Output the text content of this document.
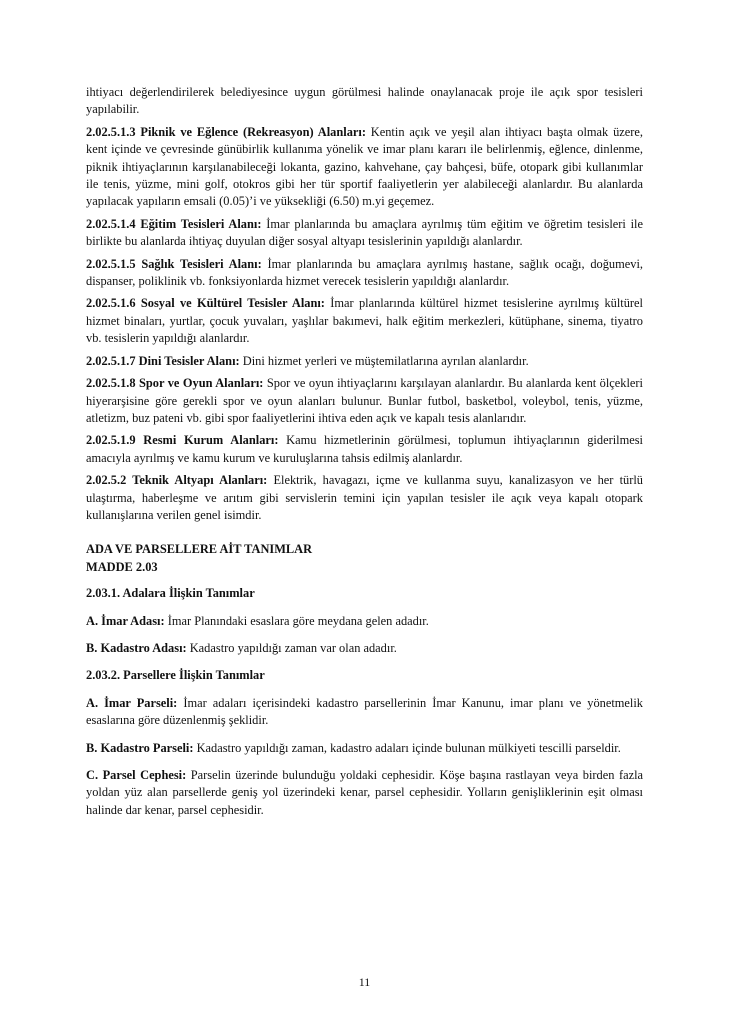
ihtiyacı değerlendirilerek belediyesince uygun görülmesi halinde onaylanacak proje ile açık spor tesisleri yapılabilir.

2.02.5.1.3 Piknik ve Eğlence (Rekreasyon) Alanları: Kentin açık ve yeşil alan ihtiyacı başta olmak üzere, kent içinde ve çevresinde günübirlik kullanıma yönelik ve imar planı kararı ile belirlenmiş, eğlence, dinlenme, piknik ihtiyaçlarının karşılanabileceği lokanta, gazino, kahvehane, çay bahçesi, büfe, otopark gibi kullanımlar ile tenis, yüzme, mini golf, otokros gibi her tür sportif faaliyetlerin yer alabileceği alanlardır. Bu alanlarda yapılacak yapıların emsali (0.05)’i ve yüksekliği (6.50) m.yi geçemez.

2.02.5.1.4 Eğitim Tesisleri Alanı: İmar planlarında bu amaçlara ayrılmış tüm eğitim ve öğretim tesisleri ile birlikte bu alanlarda ihtiyaç duyulan diğer sosyal altyapı tesislerinin yapıldığı alanlardır.

2.02.5.1.5 Sağlık Tesisleri Alanı: İmar planlarında bu amaçlara ayrılmış hastane, sağlık ocağı, doğumevi, dispanser, poliklinik vb. fonksiyonlarda hizmet verecek tesislerin yapıldığı alanlardır.

2.02.5.1.6 Sosyal ve Kültürel Tesisler Alanı: İmar planlarında kültürel hizmet tesislerine ayrılmış kültürel hizmet binaları, yurtlar, çocuk yuvaları, yaşlılar bakımevi, halk eğitim merkezleri, kütüphane, sinema, tiyatro vb. tesislerin yapıldığı alanlardır.

2.02.5.1.7 Dini Tesisler Alanı: Dini hizmet yerleri ve müştemilatlarına ayrılan alanlardır.

2.02.5.1.8 Spor ve Oyun Alanları: Spor ve oyun ihtiyaçlarını karşılayan alanlardır. Bu alanlarda kent ölçekleri hiyerarşisine göre gerekli spor ve oyun alanları bulunur. Bunlar futbol, basketbol, voleybol, tenis, yüzme, atletizm, buz pateni vb. gibi spor faaliyetlerini ihtiva eden açık ve kapalı tesis alanlarıdır.

2.02.5.1.9 Resmi Kurum Alanları: Kamu hizmetlerinin görülmesi, toplumun ihtiyaçlarının giderilmesi amacıyla ayrılmış ve kamu kurum ve kuruluşlarına tahsis edilmiş alanlardır.

2.02.5.2 Teknik Altyapı Alanları: Elektrik, havagazı, içme ve kullanma suyu, kanalizasyon ve her türlü ulaştırma, haberleşme ve arıtım gibi servislerin temini için yapılan tesisler ile açık veya kapalı otopark kullanışlarına verilen genel isimdir.

ADA VE PARSELLERE AİT TANIMLAR

MADDE 2.03

2.03.1. Adalara İlişkin Tanımlar

A. İmar Adası: İmar Planındaki esaslara göre meydana gelen adadır.

B. Kadastro Adası: Kadastro yapıldığı zaman var olan adadır.

2.03.2. Parsellere İlişkin Tanımlar

A. İmar Parseli: İmar adaları içerisindeki kadastro parsellerinin İmar Kanunu, imar planı ve yönetmelik esaslarına göre düzenlenmiş şeklidir.

B. Kadastro Parseli: Kadastro yapıldığı zaman, kadastro adaları içinde bulunan mülkiyeti tescilli parseldir.

C. Parsel Cephesi: Parselin üzerinde bulunduğu yoldaki cephesidir. Köşe başına rastlayan veya birden fazla yoldan yüz alan parsellerde geniş yol üzerindeki kenar, parsel cephesidir. Yolların genişliklerinin eşit olması halinde dar kenar, parsel cephesidir.

11
